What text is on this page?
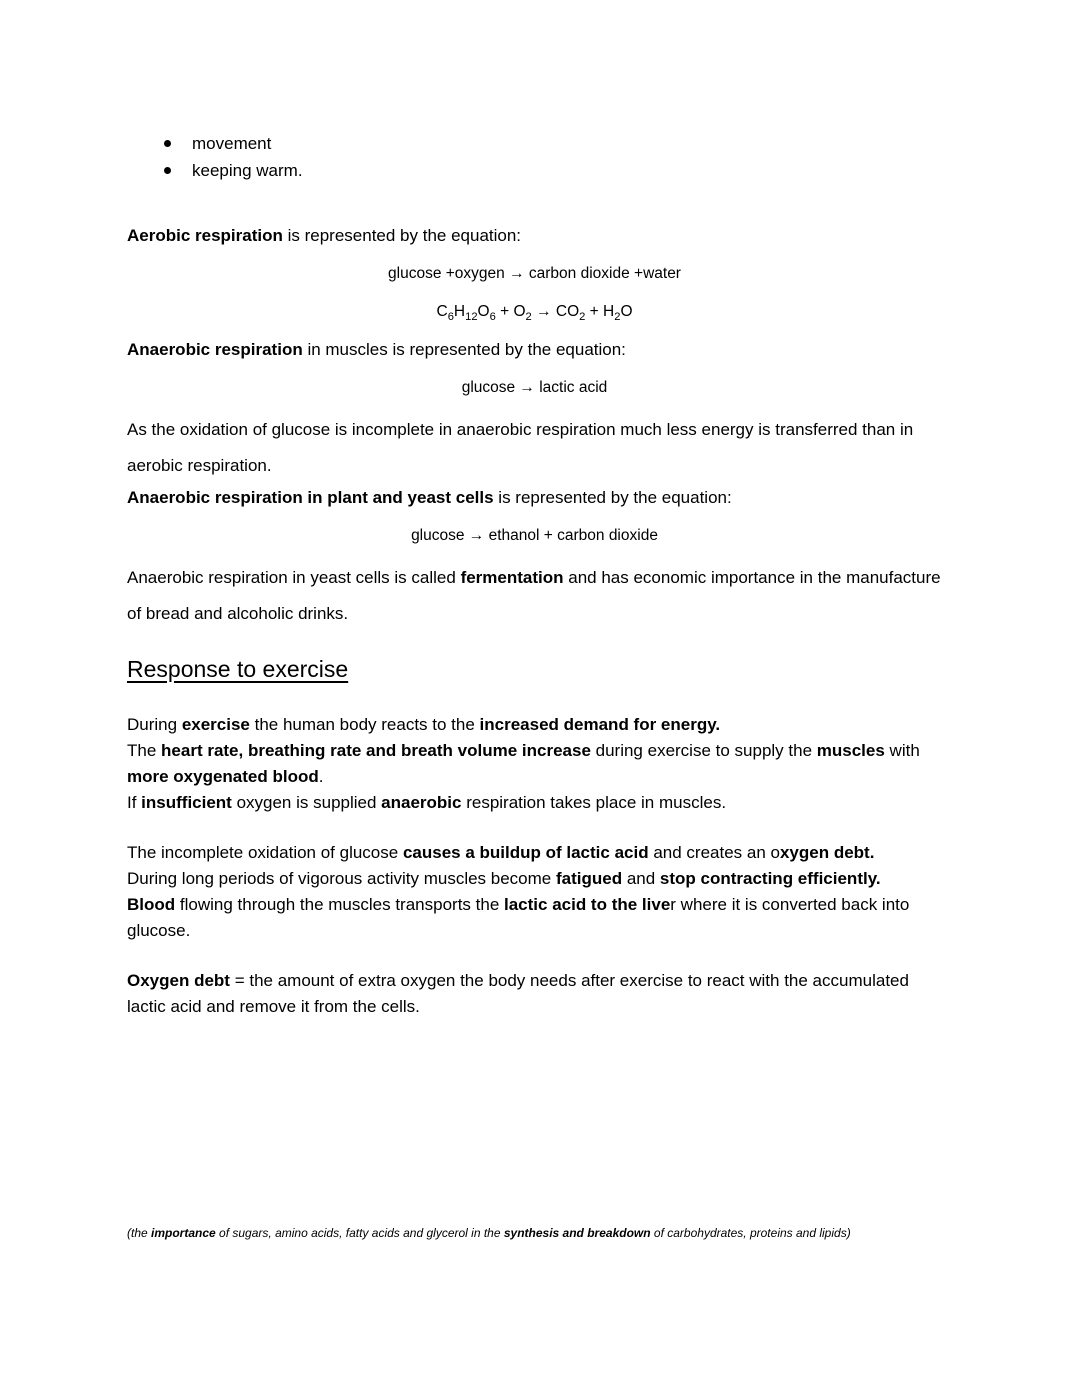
movement
keeping warm.

Aerobic respiration is represented by the equation:

glucose +oxygen → carbon dioxide +water

$C_6H_{12}O_6 + O_2 \to CO_2 + H_2O$

Anaerobic respiration in muscles is represented by the equation:

glucose → lactic acid

As the oxidation of glucose is incomplete in anaerobic respiration much less energy is transferred than in aerobic respiration.

Anaerobic respiration in plant and yeast cells is represented by the equation:

glucose → ethanol + carbon dioxide

Anaerobic respiration in yeast cells is called fermentation and has economic importance in the manufacture of bread and alcoholic drinks.

Response to exercise

During exercise the human body reacts to the increased demand for energy.

The heart rate, breathing rate and breath volume increase during exercise to supply the muscles with more oxygenated blood.

If insufficient oxygen is supplied anaerobic respiration takes place in muscles.

The incomplete oxidation of glucose causes a buildup of lactic acid and creates an oxygen debt.

During long periods of vigorous activity muscles become fatigued and stop contracting efficiently.

Blood flowing through the muscles transports the lactic acid to the liver where it is converted back into glucose.

Oxygen debt = the amount of extra oxygen the body needs after exercise to react with the accumulated lactic acid and remove it from the cells.

(the importance of sugars, amino acids, fatty acids and glycerol in the synthesis and breakdown of carbohydrates, proteins and lipids)
